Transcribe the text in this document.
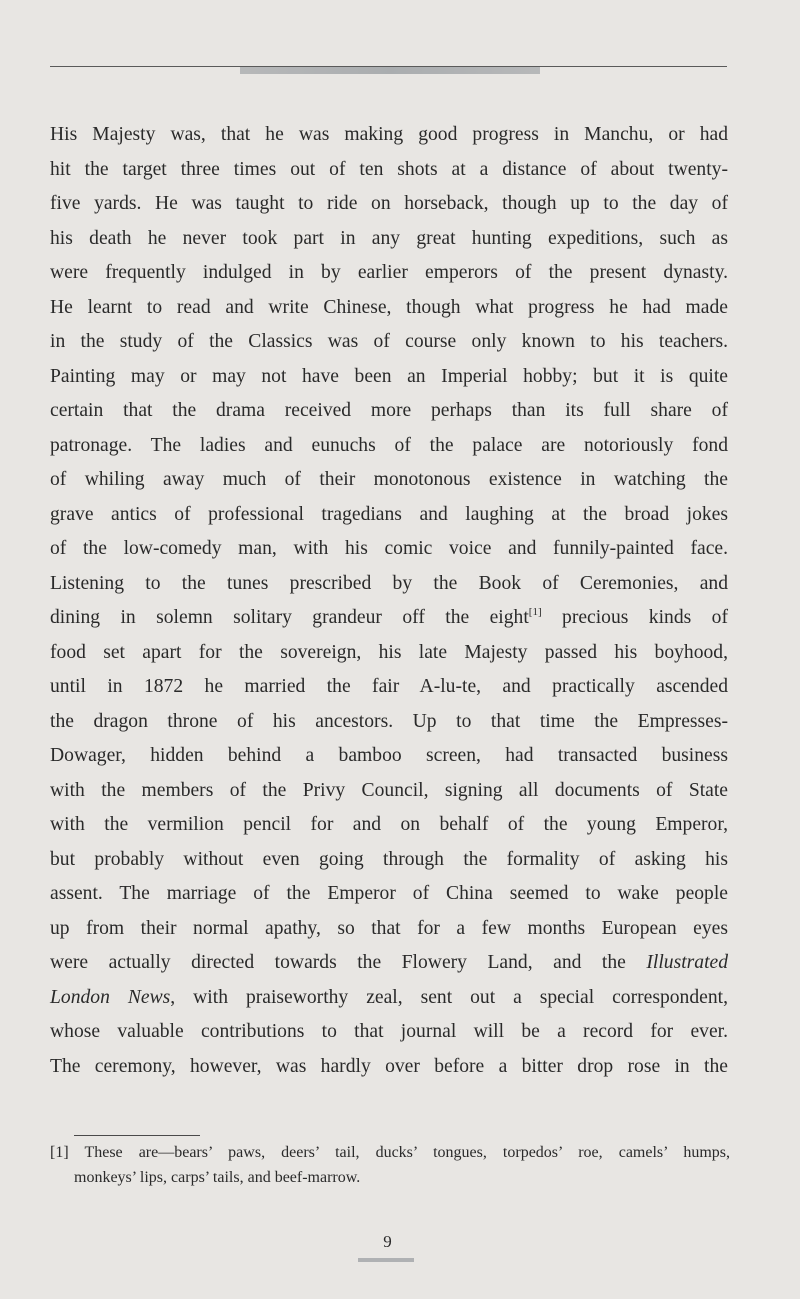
His Majesty was, that he was making good progress in Manchu, or had
hit the target three times out of ten shots at a distance of about twenty-
five yards. He was taught to ride on horseback, though up to the day of
his death he never took part in any great hunting expeditions, such as
were frequently indulged in by earlier emperors of the present dynasty.
He learnt to read and write Chinese, though what progress he had made
in the study of the Classics was of course only known to his teachers.
Painting may or may not have been an Imperial hobby; but it is quite
certain that the drama received more perhaps than its full share of
patronage. The ladies and eunuchs of the palace are notoriously fond
of whiling away much of their monotonous existence in watching the
grave antics of professional tragedians and laughing at the broad jokes
of the low-comedy man, with his comic voice and funnily-painted face.
Listening to the tunes prescribed by the Book of Ceremonies, and
dining in solemn solitary grandeur off the eight[1] precious kinds of
food set apart for the sovereign, his late Majesty passed his boyhood,
until in 1872 he married the fair A-lu-te, and practically ascended
the dragon throne of his ancestors. Up to that time the Empresses-
Dowager, hidden behind a bamboo screen, had transacted business
with the members of the Privy Council, signing all documents of State
with the vermilion pencil for and on behalf of the young Emperor,
but probably without even going through the formality of asking his
assent. The marriage of the Emperor of China seemed to wake people
up from their normal apathy, so that for a few months European eyes
were actually directed towards the Flowery Land, and the Illustrated
London News, with praiseworthy zeal, sent out a special correspondent,
whose valuable contributions to that journal will be a record for ever.
The ceremony, however, was hardly over before a bitter drop rose in the
[1] These are—bears’ paws, deers’ tail, ducks’ tongues, torpedos’ roe, camels’ humps,
monkeys’ lips, carps’ tails, and beef-marrow.
9
